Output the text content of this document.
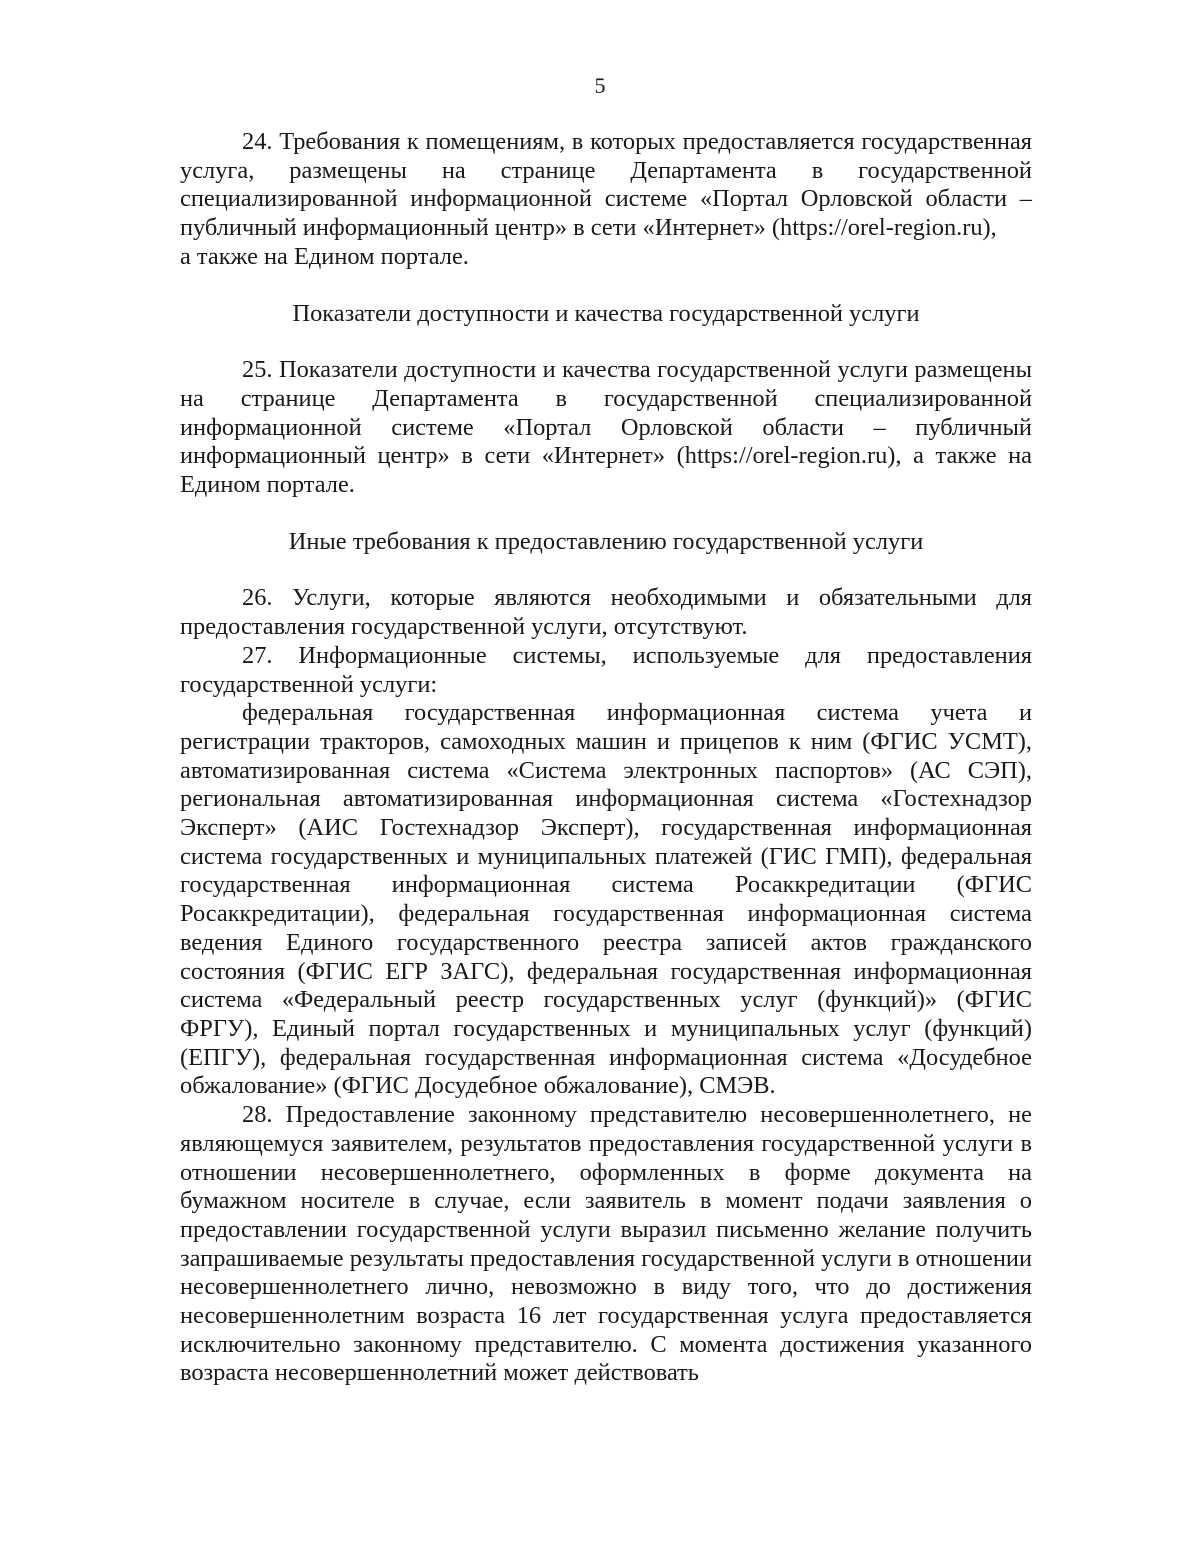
5

24. Требования к помещениям, в которых предоставляется государственная услуга, размещены на странице Департамента в государственной специализированной информационной системе «Портал Орловской области – публичный информационный центр» в сети «Интернет» (https://orel-region.ru),

а также на Едином портале.

Показатели доступности и качества государственной услуги

25. Показатели доступности и качества государственной услуги размещены на странице Департамента в государственной специализированной информационной системе «Портал Орловской области – публичный информационный центр» в сети «Интернет» (https://orel-region.ru), а также на Едином портале.

Иные требования к предоставлению государственной услуги

26. Услуги, которые являются необходимыми и обязательными для предоставления государственной услуги, отсутствуют.

27. Информационные системы, используемые для предоставления государственной услуги:

федеральная государственная информационная система учета и регистрации тракторов, самоходных машин и прицепов к ним (ФГИС УСМТ), автоматизированная система «Система электронных паспортов» (АС СЭП), региональная автоматизированная информационная система «Гостехнадзор Эксперт» (АИС Гостехнадзор Эксперт), государственная информационная система государственных и муниципальных платежей (ГИС ГМП), федеральная государственная информационная система Росаккредитации (ФГИС Росаккредитации), федеральная государственная информационная система ведения Единого государственного реестра записей актов гражданского состояния (ФГИС ЕГР ЗАГС), федеральная государственная информационная система «Федеральный реестр государственных услуг (функций)» (ФГИС ФРГУ), Единый портал государственных и муниципальных услуг (функций) (ЕПГУ), федеральная государственная информационная система «Досудебное обжалование» (ФГИС Досудебное обжалование), СМЭВ.

28. Предоставление законному представителю несовершеннолетнего, не являющемуся заявителем, результатов предоставления государственной услуги в отношении несовершеннолетнего, оформленных в форме документа на бумажном носителе в случае, если заявитель в момент подачи заявления о предоставлении государственной услуги выразил письменно желание получить запрашиваемые результаты предоставления государственной услуги в отношении несовершеннолетнего лично, невозможно в виду того, что до достижения несовершеннолетним возраста 16 лет государственная услуга предоставляется исключительно законному представителю. С момента достижения указанного возраста несовершеннолетний может действовать
